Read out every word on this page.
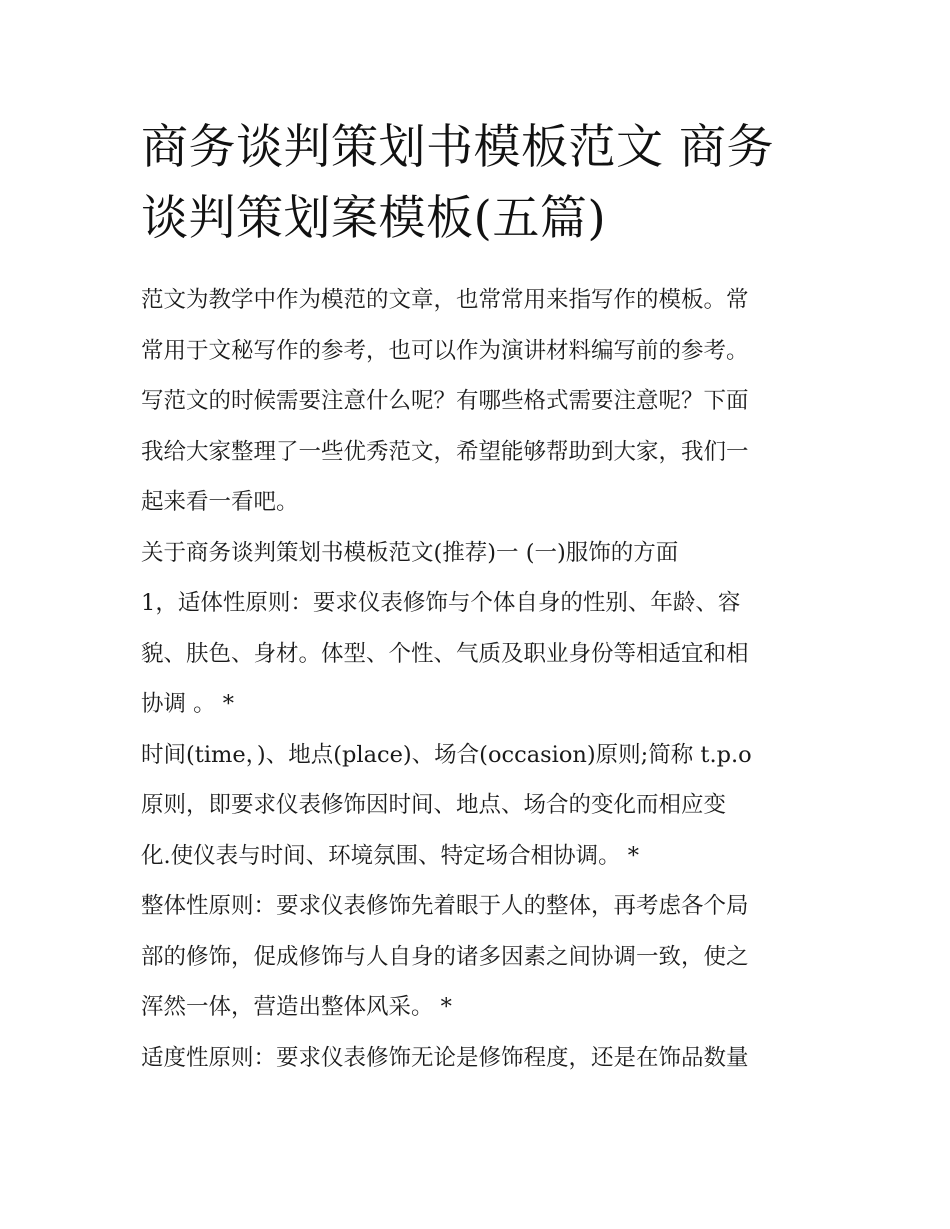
商务谈判策划书模板范文 商务
谈判策划案模板(五篇)
范文为教学中作为模范的文章，也常常用来指写作的模板。常
常用于文秘写作的参考，也可以作为演讲材料编写前的参考。
写范文的时候需要注意什么呢？有哪些格式需要注意呢？下面
我给大家整理了一些优秀范文，希望能够帮助到大家，我们一
起来看一看吧。
关于商务谈判策划书模板范文(推荐)一 (一)服饰的方面
1，适体性原则：要求仪表修饰与个体自身的性别、年龄、容
貌、肤色、身材。体型、个性、气质及职业身份等相适宜和相
协调 。 *
时间(time，)、地点(place)、场合(occasion)原则;简称 t.p.o
原则，即要求仪表修饰因时间、地点、场合的变化而相应变
化.使仪表与时间、环境氛围、特定场合相协调。 *
整体性原则：要求仪表修饰先着眼于人的整体，再考虑各个局
部的修饰，促成修饰与人自身的诸多因素之间协调一致，使之
浑然一体，营造出整体风采。 *
适度性原则：要求仪表修饰无论是修饰程度，还是在饰品数量
